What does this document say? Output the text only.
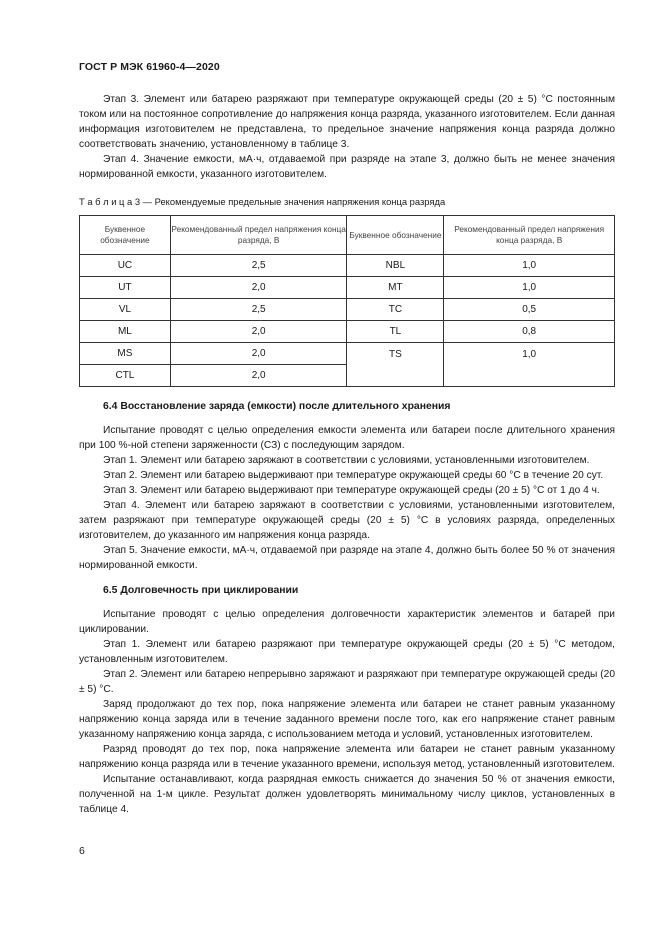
ГОСТ Р МЭК 61960-4—2020

Этап 3. Элемент или батарею разряжают при температуре окружающей среды (20 ± 5) °С постоянным током или на постоянное сопротивление до напряжения конца разряда, указанного изготовителем. Если данная информация изготовителем не представлена, то предельное значение напряжения конца разряда должно соответствовать значению, установленному в таблице 3.

Этап 4. Значение емкости, мА·ч, отдаваемой при разряде на этапе 3, должно быть не менее значения нормированной емкости, указанного изготовителем.

Т а б л и ц а 3 — Рекомендуемые предельные значения напряжения конца разряда
Буквенное обозначение	Рекомендованный предел напряжения конца разряда, В	Буквенное обозначение	Рекомендованный предел напряжения конца разряда, В
UC	2,5	NBL	1,0
UT	2,0	MT	1,0
VL	2,5	TC	0,5
ML	2,0	TL	0,8
MS	2,0	TS	1,0
CTL	2,0		
6.4 Восстановление заряда (емкости) после длительного хранения

Испытание проводят с целью определения емкости элемента или батареи после длительного хранения при 100 %-ной степени заряженности (СЗ) с последующим зарядом.

Этап 1. Элемент или батарею заряжают в соответствии с условиями, установленными изготовителем.

Этап 2. Элемент или батарею выдерживают при температуре окружающей среды 60 °С в течение 20 сут.

Этап 3. Элемент или батарею выдерживают при температуре окружающей среды (20 ± 5) °С от 1 до 4 ч.

Этап 4. Элемент или батарею заряжают в соответствии с условиями, установленными изготовителем, затем разряжают при температуре окружающей среды (20 ± 5) °С в условиях разряда, определенных изготовителем, до указанного им напряжения конца разряда.

Этап 5. Значение емкости, мА·ч, отдаваемой при разряде на этапе 4, должно быть более 50 % от значения нормированной емкости.

6.5 Долговечность при циклировании

Испытание проводят с целью определения долговечности характеристик элементов и батарей при циклировании.

Этап 1. Элемент или батарею разряжают при температуре окружающей среды (20 ± 5) °С методом, установленным изготовителем.

Этап 2. Элемент или батарею непрерывно заряжают и разряжают при температуре окружающей среды (20 ± 5) °С.

Заряд продолжают до тех пор, пока напряжение элемента или батареи не станет равным указанному напряжению конца заряда или в течение заданного времени после того, как его напряжение станет равным указанному напряжению конца заряда, с использованием метода и условий, установленных изготовителем.

Разряд проводят до тех пор, пока напряжение элемента или батареи не станет равным указанному напряжению конца разряда или в течение указанного времени, используя метод, установленный изготовителем.

Испытание останавливают, когда разрядная емкость снижается до значения 50 % от значения емкости, полученной на 1-м цикле. Результат должен удовлетворять минимальному числу циклов, установленных в таблице 4.

6
